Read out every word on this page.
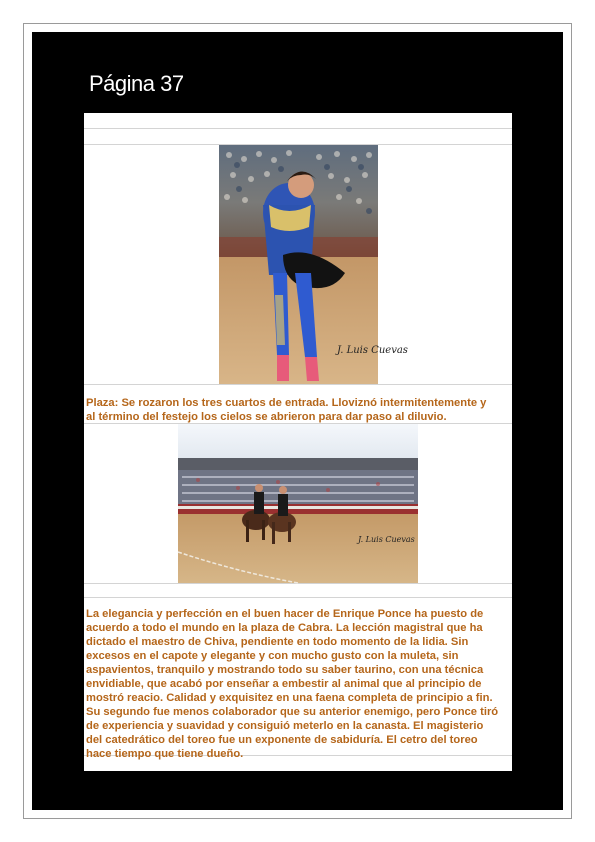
Página 37
J. Luis Cuevas
Plaza: Se rozaron los tres cuartos de entrada. Lloviznó intermitentemente y
al término del festejo los cielos se abrieron para dar paso al diluvio.
J. Luis Cuevas
La elegancia y perfección en el buen hacer de Enrique Ponce ha puesto de
acuerdo a todo el mundo en la plaza de Cabra. La lección magistral que ha
dictado el maestro de Chiva, pendiente en todo momento de la lidia. Sin
excesos en el capote y elegante y con mucho gusto con la muleta, sin
aspavientos, tranquilo y mostrando todo su saber taurino, con una técnica
envidiable, que acabó por enseñar a embestir al animal que al principio de
mostró reacio. Calidad y exquisitez en una faena completa de principio a fin.
Su segundo fue menos colaborador que su anterior enemigo, pero Ponce tiró
de experiencia y suavidad y consiguió meterlo en la canasta. El magisterio
del catedrático del toreo fue un exponente de sabiduría. El cetro del toreo
hace tiempo que tiene dueño.
